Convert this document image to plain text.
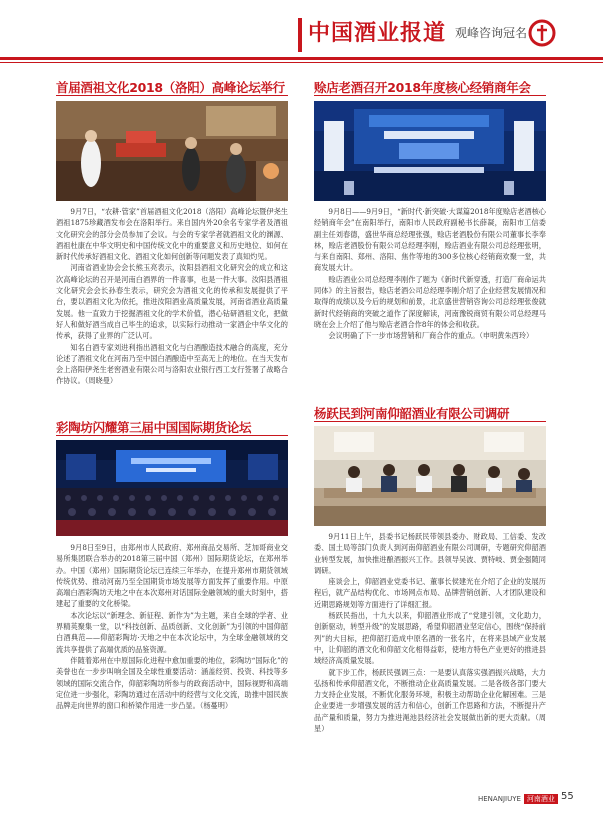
中国酒业报道 观峰咨询冠名
首届酒祖文化2018（洛阳）高峰论坛举行

9月7日，“农耕·管家”首届酒祖文化2018（洛阳）高峰论坛暨伊尧生酒祖1875珍藏酒发布会在洛阳举行。来自国内外20余名专家学者及酒祖文化研究会的部分会员参加了会议。与会的专家学者就酒祖文化的渊源、酒祖杜康在中华文明史和中国传统文化中的重要意义和历史地位、如何在新时代传承好酒祖文化、酒祖文化如何创新等问题发表了真知灼见。

河南省酒业协会会长熊玉亮表示，汝阳县酒祖文化研究会的成立和这次高峰论坛的召开是河南白酒界的一件喜事，也是一件大事。汝阳县酒祖文化研究会会长孙春生表示，研究会为酒祖文化的传承和发展提供了平台，要以酒祖文化为依托，推进汝阳酒业高质量发展，河南省酒业高质量发展。他一直致力于挖掘酒祖文化的学术价值，潜心钻研酒祖文化，把做好人和做好酒当成自己毕生的追求，以实际行动推动一家酒企中华文化的传承，获得了业界的广泛认可。

知名白酒专家刘进利指出酒祖文化与白酒酿造技术融合的高度，充分论述了酒祖文化在河南乃至中国白酒酿造中至高无上的地位。在当天发布会上洛阳伊尧生老窖酒业有限公司与洛阳农业银行西工支行签署了战略合作协议。（周晓曼）

赊店老酒召开2018年度核心经销商年会

9月8日——9月9日，“新时代·新突破·大谋篇2018年度赊店老酒核心经销商年会”在南阳举行，南阳市人民政府副秘书长薛凝，南阳市工信委副主任刘春德，盛世华商总经理张强，赊店老酒股份有限公司董事长李奉林，赊店老酒股份有限公司总经理李刚，赊店酒业有限公司总经理张明，与来自南阳、郑州、洛阳、焦作等地的300多位核心经销商欢聚一堂，共商发展大计。

赊店酒业公司总经理李刚作了题为《新时代新穿透，打造厂商命运共同体》的主旨报告，赊店老酒公司总经理李刚介绍了企业经营发展情况和取得的成绩以及今后的规划和前景，北京盛世营销咨询公司总经理张俊就新时代经销商的突破之道作了深度解读，河南豫锐商贸有限公司总经理马晓在会上介绍了他与赊店老酒合作8年的体会和收获。

会议明确了下一步市场营销和厂商合作的重点。（申明黄朱西玲）

彩陶坊闪耀第三届中国国际期货论坛

9月8日至9日，由郑州市人民政府、郑州商品交易所、芝加哥商业交易所集团联合举办的2018第三届中国（郑州）国际期货论坛，在郑州举办。中国（郑州）国际期货论坛已连续三年举办，在提升郑州市期货领域传统优势、推动河南乃至全国期货市场发展等方面发挥了重要作用。中原高端白酒彩陶坊天地之中在本次郑州对话国际金融领域的重大时刻中，搭建起了重要的文化桥梁。

本次论坛以“新理念、新征程、新作为”为主题，来自全球的学者、业界精英聚集一堂，以“科技创新、品质创新、文化创新”为引领的中国仰韶白酒典范——仰韶彩陶坊·天地之中在本次论坛中，为全球金融领域的交流共享提供了高端优质的品鉴资源。

伴随着郑州在中原国际化进程中愈加重要的地位，彩陶坊“国际化”的美誉也在一步步叫响全国及全球性重要活动：涵盖经贸、投资、科技等多领域的国际交流合作，仰韶彩陶坊所参与的政商活动中，国际视野和高端定位进一步强化，彩陶坊通过在活动中的经营与文化交流，助推中国民族品牌走向世界的窗口和桥梁作用进一步凸显。（杨蔓明）

杨跃民到河南仰韶酒业有限公司调研

9月11日上午，县委书记杨跃民带领县委办、财政局、工信委、发改委、国土局等部门负责人到河南仰韶酒业有限公司调研，专题研究仰韶酒业转型发展，加快推进酿酒振兴工作。县领导吴波、贾特岐、贾金强随同调研。

座谈会上，仰韶酒业党委书记、董事长侯建光在介绍了企业的发展历程后，就产品结构优化、市场网点布局、品牌营销创新、人才团队建设和近期思路规划等方面进行了详细汇报。

杨跃民指出，十九大以来，仰韶酒业形成了“党建引领，文化助力，创新驱动，转型升级”的发展思路，希望仰韶酒业坚定信心，围绕“保持前列”的大目标，把仰韶打造成中原名酒的一张名片，在将来县域产业发展中，让仰韶的酒文化和仰韶文化相得益彰，使地方特色产业更好的推进县域经济高质量发展。

就下步工作，杨跃民强调三点：一是要认真落实强酒振兴战略，大力弘扬和传承仰韶酒文化，不断推动企业高质量发展。二是各级各部门要大力支持企业发展，不断优化服务环境，积极主动帮助企业化解困难。三是企业要进一步增强发展的活力和信心，创新工作思路和方法，不断提升产品产量和质量，努力为推进渑池县经济社会发展做出新的更大贡献。（周星）

HENANJIUYE 河南酒业 55
